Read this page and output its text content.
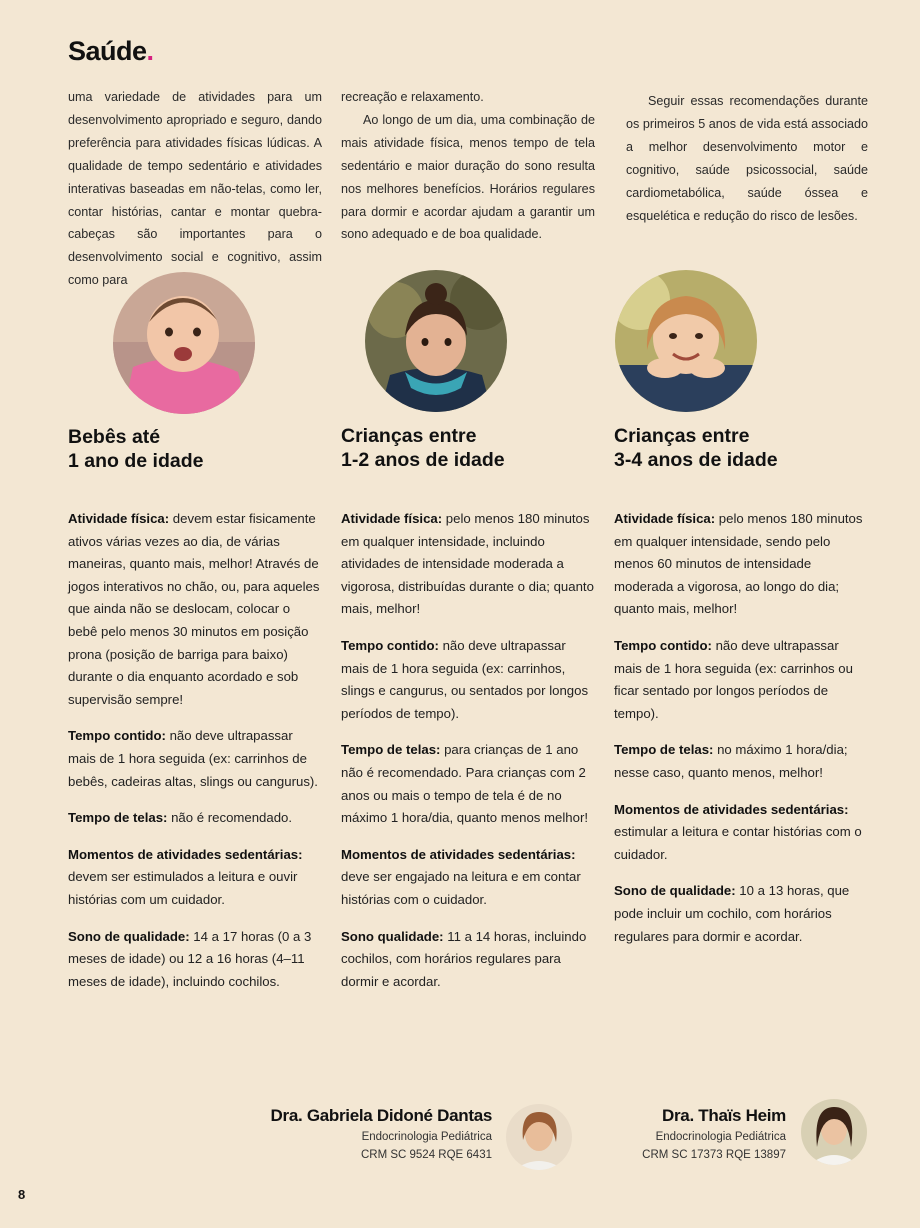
Saúde.

uma variedade de atividades para um desenvolvimento apropriado e seguro, dando preferência para atividades físicas lúdicas. A qualidade de tempo sedentário e atividades interativas baseadas em não-telas, como ler, contar histórias, cantar e montar quebra-cabeças são importantes para o desenvolvimento social e cognitivo, assim como para

recreação e relaxamento.

Ao longo de um dia, uma combinação de mais atividade física, menos tempo de tela sedentário e maior duração do sono resulta nos melhores benefícios. Horários regulares para dormir e acordar ajudam a garantir um sono adequado e de boa qualidade.

Seguir essas recomendações durante os primeiros 5 anos de vida está associado a melhor desenvolvimento motor e cognitivo, saúde psicossocial, saúde cardiometabólica, saúde óssea e esquelética e redução do risco de lesões.

Bebês até
1 ano de idade
Crianças entre
1-2 anos de idade
Crianças entre
3-4 anos de idade

Atividade física: devem estar fisicamente ativos várias vezes ao dia, de várias maneiras, quanto mais, melhor! Através de jogos interativos no chão, ou, para aqueles que ainda não se deslocam, colocar o bebê pelo menos 30 minutos em posição prona (posição de barriga para baixo) durante o dia enquanto acordado e sob supervisão sempre!

Tempo contido: não deve ultrapassar mais de 1 hora seguida (ex: carrinhos de bebês, cadeiras altas, slings ou cangurus).

Tempo de telas: não é recomendado.

Momentos de atividades sedentárias: devem ser estimulados a leitura e ouvir histórias com um cuidador.

Sono de qualidade: 14 a 17 horas (0 a 3 meses de idade) ou 12 a 16 horas (4–11 meses de idade), incluindo cochilos.

Atividade física: pelo menos 180 minutos em qualquer intensidade, incluindo atividades de intensidade moderada a vigorosa, distribuídas durante o dia; quanto mais, melhor!

Tempo contido: não deve ultrapassar mais de 1 hora seguida (ex: carrinhos, slings e cangurus, ou sentados por longos períodos de tempo).

Tempo de telas: para crianças de 1 ano não é recomendado. Para crianças com 2 anos ou mais o tempo de tela é de no máximo 1 hora/dia, quanto menos melhor!

Momentos de atividades sedentárias: deve ser engajado na leitura e em contar histórias com o cuidador.

Sono qualidade: 11 a 14 horas, incluindo cochilos, com horários regulares para dormir e acordar.

Atividade física: pelo menos 180 minutos em qualquer intensidade, sendo pelo menos 60 minutos de intensidade moderada a vigorosa, ao longo do dia; quanto mais, melhor!

Tempo contido: não deve ultrapassar mais de 1 hora seguida (ex: carrinhos ou ficar sentado por longos períodos de tempo).

Tempo de telas: no máximo 1 hora/dia; nesse caso, quanto menos, melhor!

Momentos de atividades sedentárias: estimular a leitura e contar histórias com o cuidador.

Sono de qualidade: 10 a 13 horas, que pode incluir um cochilo, com horários regulares para dormir e acordar.

Dra. Gabriela Didoné Dantas
Endocrinologia Pediátrica
CRM SC 9524 RQE 6431
Dra. Thaïs Heim
Endocrinologia Pediátrica
CRM SC 17373 RQE 13897
8
